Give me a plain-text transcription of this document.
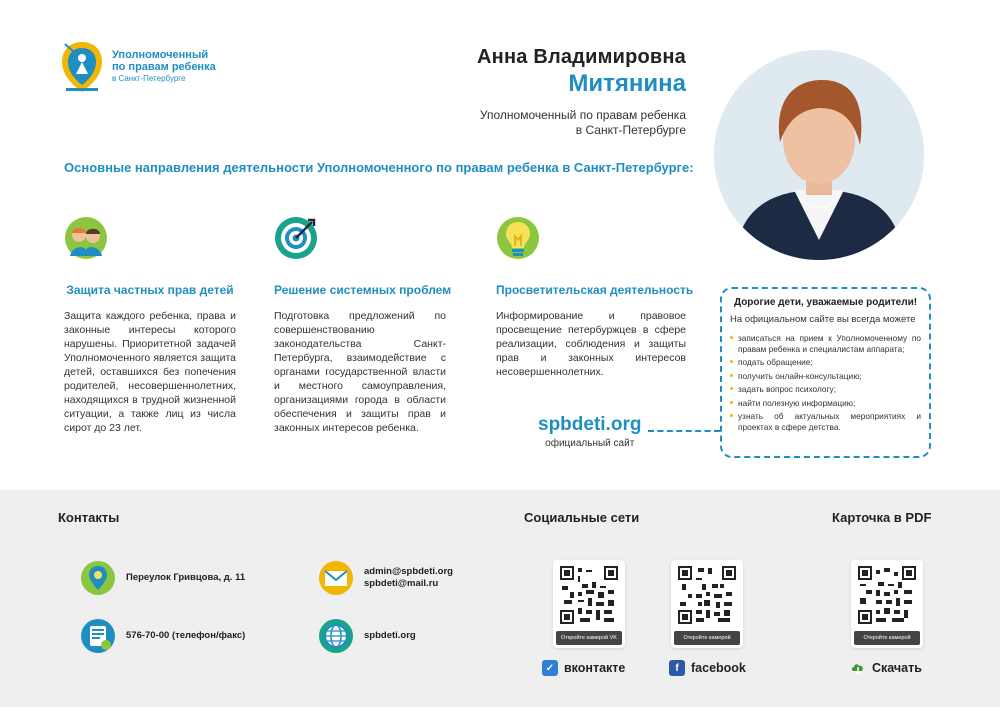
Уполномоченный
по правам ребенка
в Санкт-Петербурге
Анна Владимировна
Митянина
Уполномоченный по правам ребенка
в Санкт-Петербурге
Основные направления деятельности Уполномоченного по правам ребенка в Санкт-Петербурге:
Защита частных прав детей
Защита каждого ребенка, права и законные интересы которого нарушены. Приоритетной задачей Уполномоченного является защита детей, оставшихся без попечения родителей, несовершеннолетних, находящихся в трудной жизненной ситуации, а также лиц из числа сирот до 23 лет.
Решение системных проблем
Подготовка предложений по совершенствованию законодательства Санкт-Петербурга, взаимодействие с органами государственной власти и местного самоуправления, организациями города в области обеспечения и защиты прав и законных интересов ребенка.
Просветительская деятельность
Информирование и правовое просвещение петербуржцев в сфере реализации, соблюдения и защиты прав и законных интересов несовершеннолетних.
spbdeti.org
официальный сайт
Дорогие дети, уважаемые родители!
На официальном сайте вы всегда можете
записаться на прием к Уполномоченному по правам ребенка и специалистам аппарата;
подать обращение;
получить онлайн-консультацию;
задать вопрос психологу;
найти полезную информацию;
узнать об актуальных мероприятиях и проектах в сфере детства.
Контакты	Социальные сети	Карточка в PDF
Переулок Гривцова, д. 11
576-70-00 (телефон/факс)
admin@spbdeti.org
spbdeti@mail.ru
spbdeti.org	Откройте камерой VK	Откройте камерой	Откройте камерой
✓ вконтакте	f facebook	Скачать
